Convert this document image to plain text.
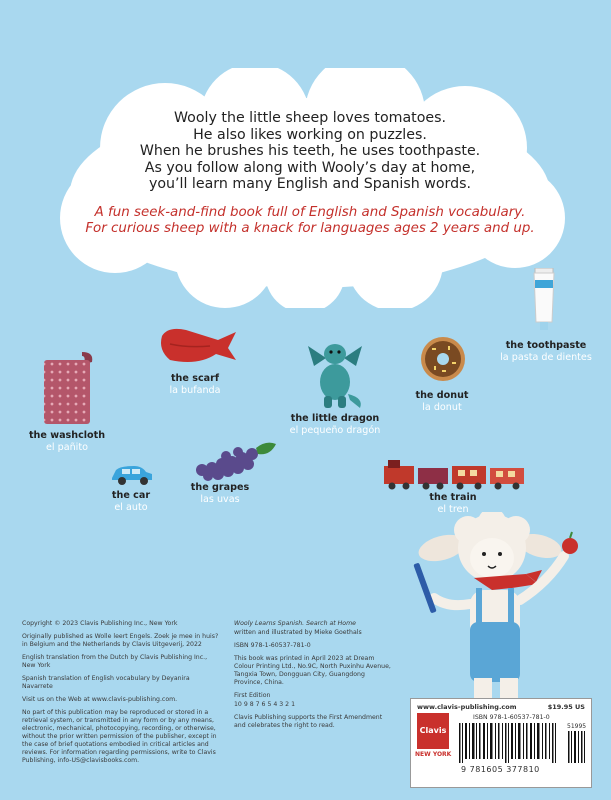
Wooly the little sheep loves tomatoes.
He also likes working on puzzles.
When he brushes his teeth, he uses toothpaste.
As you follow along with Wooly’s day at home,
you’ll learn many English and Spanish words.
A fun seek-and-find book full of English and Spanish vocabulary.
For curious sheep with a knack for languages ages 2 years and up.
the toothpaste
la pasta de dientes
the scarf
la bufanda
the little dragon
el pequeño dragón
the donut
la donut
the washcloth
el pañito
the car
el auto
the grapes
las uvas	the train
el tren

Copyright © 2023 Clavis Publishing Inc., New York

Originally published as Wolle leert Engels. Zoek je mee in huis? in Belgium and the Netherlands by Clavis Uitgeverij, 2022

English translation from the Dutch by Clavis Publishing Inc., New York

Spanish translation of English vocabulary by Deyanira Navarrete

Visit us on the Web at www.clavis-publishing.com.

No part of this publication may be reproduced or stored in a retrieval system, or transmitted in any form or by any means, electronic, mechanical, photocopying, recording, or otherwise, without the prior written permission of the publisher, except in the case of brief quotations embodied in critical articles and reviews. For information regarding permissions, write to Clavis Publishing, info-US@clavisbooks.com.

Wooly Learns Spanish. Search at Home

written and illustrated by Mieke Goethals

ISBN 978-1-60537-781-0

This book was printed in April 2023 at Dream Colour Printing Ltd., No.9C, North Puxinhu Avenue, Tangxia Town, Dongguan City, Guangdong Province, China.

First Edition

10 9 8 7 6 5 4 3 2 1

Clavis Publishing supports the First Amendment and celebrates the right to read.

www.clavis-publishing.com	$19.95 US
Clavis
NEW YORK
ISBN 978-1-60537-781-0
9 781605 377810
51995
